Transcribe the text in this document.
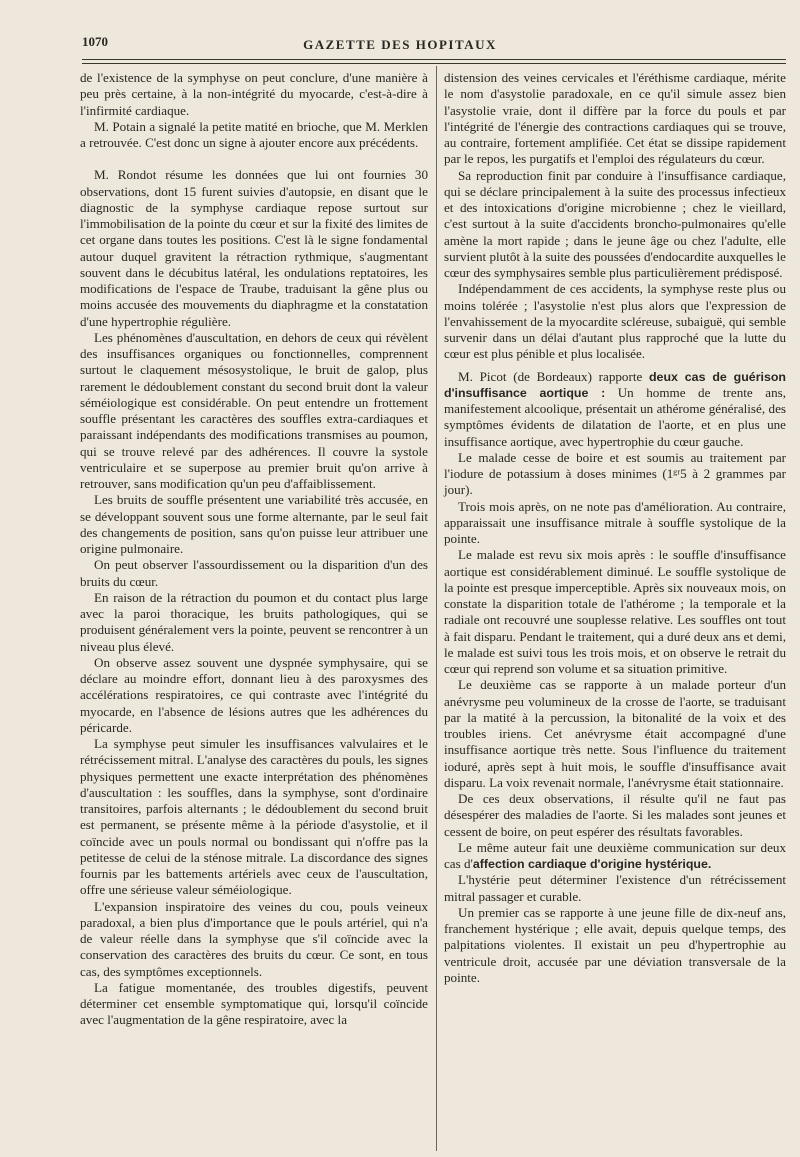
1070	GAZETTE DES HOPITAUX

de l'existence de la symphyse on peut conclure, d'une manière à peu près certaine, à la non-intégrité du myocarde, c'est-à-dire à l'infirmité cardiaque.

M. Potain a signalé la petite matité en brioche, que M. Merklen a retrouvée. C'est donc un signe à ajouter encore aux précédents.

M. Rondot résume les données que lui ont fournies 30 observations, dont 15 furent suivies d'autopsie, en disant que le diagnostic de la symphyse cardiaque repose surtout sur l'immobilisation de la pointe du cœur et sur la fixité des limites de cet organe dans toutes les positions. C'est là le signe fondamental autour duquel gravitent la rétraction rythmique, s'augmentant souvent dans le décubitus latéral, les ondulations reptatoires, les modifications de l'espace de Traube, traduisant la gêne plus ou moins accusée des mouvements du diaphragme et la constatation d'une hypertrophie régulière.

Les phénomènes d'auscultation, en dehors de ceux qui révèlent des insuffisances organiques ou fonctionnelles, comprennent surtout le claquement mésosystolique, le bruit de galop, plus rarement le dédoublement constant du second bruit dont la valeur séméiologique est considérable. On peut entendre un frottement souffle présentant les caractères des souffles extra-cardiaques et paraissant indépendants des modifications transmises au poumon, qui se trouve relevé par des adhérences. Il couvre la systole ventriculaire et se superpose au premier bruit qu'on arrive à retrouver, sans modification qu'un peu d'affaiblissement.

Les bruits de souffle présentent une variabilité très accusée, en se développant souvent sous une forme alternante, par le seul fait des changements de position, sans qu'on puisse leur attribuer une origine pulmonaire.

On peut observer l'assourdissement ou la disparition d'un des bruits du cœur.

En raison de la rétraction du poumon et du contact plus large avec la paroi thoracique, les bruits pathologiques, qui se produisent généralement vers la pointe, peuvent se rencontrer à un niveau plus élevé.

On observe assez souvent une dyspnée symphysaire, qui se déclare au moindre effort, donnant lieu à des paroxysmes des accélérations respiratoires, ce qui contraste avec l'intégrité du myocarde, en l'absence de lésions autres que les adhérences du péricarde.

La symphyse peut simuler les insuffisances valvulaires et le rétrécissement mitral. L'analyse des caractères du pouls, les signes physiques permettent une exacte interprétation des phénomènes d'auscultation : les souffles, dans la symphyse, sont d'ordinaire transitoires, parfois alternants ; le dédoublement du second bruit est permanent, se présente même à la période d'asystolie, et il coïncide avec un pouls normal ou bondissant qui n'offre pas la petitesse de celui de la sténose mitrale. La discordance des signes fournis par les battements artériels avec ceux de l'auscultation, offre une sérieuse valeur séméiologique.

L'expansion inspiratoire des veines du cou, pouls veineux paradoxal, a bien plus d'importance que le pouls artériel, qui n'a de valeur réelle dans la symphyse que s'il coïncide avec la conservation des caractères des bruits du cœur. Ce sont, en tous cas, des symptômes exceptionnels.

La fatigue momentanée, des troubles digestifs, peuvent déterminer cet ensemble symptomatique qui, lorsqu'il coïncide avec l'augmentation de la gêne respiratoire, avec la

distension des veines cervicales et l'éréthisme cardiaque, mérite le nom d'asystolie paradoxale, en ce qu'il simule assez bien l'asystolie vraie, dont il diffère par la force du pouls et par l'intégrité de l'énergie des contractions cardiaques qui se trouve, au contraire, fortement amplifiée. Cet état se dissipe rapidement par le repos, les purgatifs et l'emploi des régulateurs du cœur.

Sa reproduction finit par conduire à l'insuffisance cardiaque, qui se déclare principalement à la suite des processus infectieux et des intoxications d'origine microbienne ; chez le vieillard, c'est surtout à la suite d'accidents broncho-pulmonaires qu'elle amène la mort rapide ; dans le jeune âge ou chez l'adulte, elle survient plutôt à la suite des poussées d'endocardite auxquelles le cœur des symphysaires semble plus particulièrement prédisposé.

Indépendamment de ces accidents, la symphyse reste plus ou moins tolérée ; l'asystolie n'est plus alors que l'expression de l'envahissement de la myocardite scléreuse, subaiguë, qui semble survenir dans un délai d'autant plus rapproché que la lutte du cœur est plus pénible et plus localisée.

M. Picot (de Bordeaux) rapporte deux cas de guérison d'insuffisance aortique : Un homme de trente ans, manifestement alcoolique, présentait un athérome généralisé, des symptômes évidents de dilatation de l'aorte, et en plus une insuffisance aortique, avec hypertrophie du cœur gauche.

Le malade cesse de boire et est soumis au traitement par l'iodure de potassium à doses minimes (1ᵍʳ5 à 2 grammes par jour).

Trois mois après, on ne note pas d'amélioration. Au contraire, apparaissait une insuffisance mitrale à souffle systolique de la pointe.

Le malade est revu six mois après : le souffle d'insuffisance aortique est considérablement diminué. Le souffle systolique de la pointe est presque imperceptible. Après six nouveaux mois, on constate la disparition totale de l'athérome ; la temporale et la radiale ont recouvré une souplesse relative. Les souffles ont tout à fait disparu. Pendant le traitement, qui a duré deux ans et demi, le malade est suivi tous les trois mois, et on observe le retrait du cœur qui reprend son volume et sa situation primitive.

Le deuxième cas se rapporte à un malade porteur d'un anévrysme peu volumineux de la crosse de l'aorte, se traduisant par la matité à la percussion, la bitonalité de la voix et des troubles iriens. Cet anévrysme était accompagné d'une insuffisance aortique très nette. Sous l'influence du traitement ioduré, après sept à huit mois, le souffle d'insuffisance avait disparu. La voix revenait normale, l'anévrysme était stationnaire.

De ces deux observations, il résulte qu'il ne faut pas désespérer des maladies de l'aorte. Si les malades sont jeunes et cessent de boire, on peut espérer des résultats favorables.

Le même auteur fait une deuxième communication sur deux cas d'affection cardiaque d'origine hystérique.

L'hystérie peut déterminer l'existence d'un rétrécissement mitral passager et curable.

Un premier cas se rapporte à une jeune fille de dix-neuf ans, franchement hystérique ; elle avait, depuis quelque temps, des palpitations violentes. Il existait un peu d'hypertrophie au ventricule droit, accusée par une déviation transversale de la pointe.
